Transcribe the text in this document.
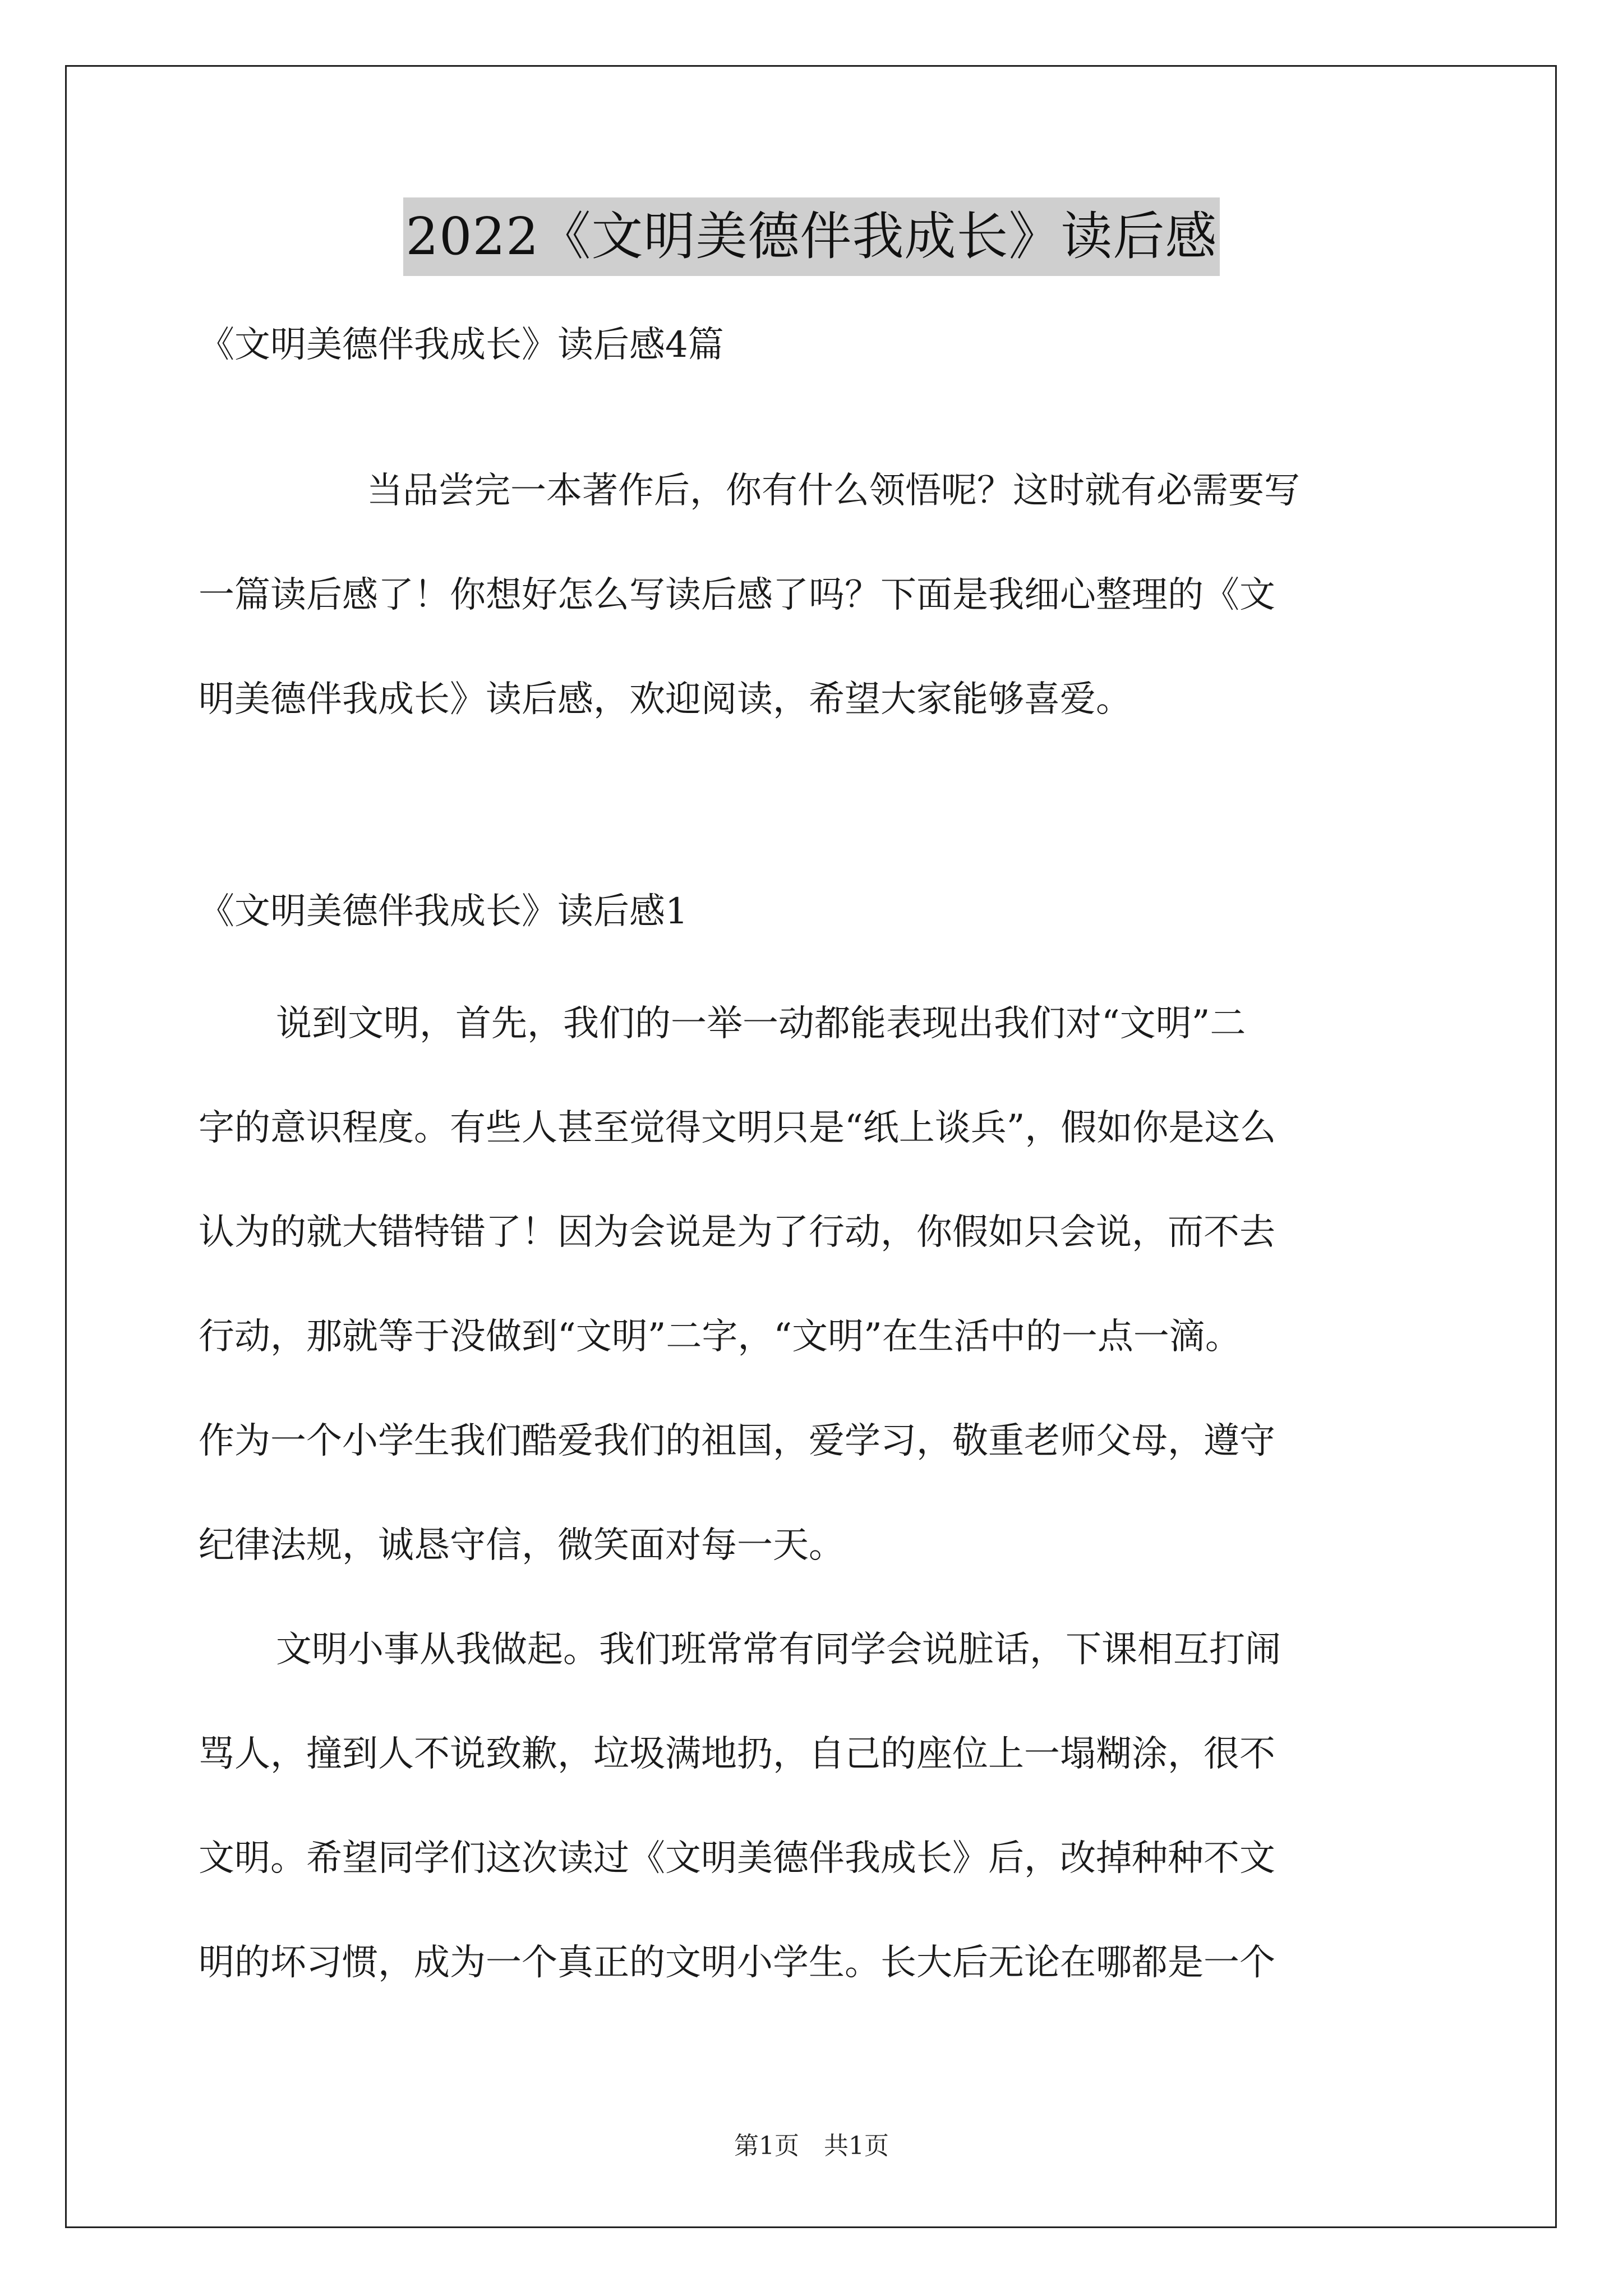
2022《文明美德伴我成长》读后感
《文明美德伴我成长》读后感4篇
当品尝完一本著作后，你有什么领悟呢？这时就有必需要写
一篇读后感了！你想好怎么写读后感了吗？下面是我细心整理的《文
明美德伴我成长》读后感，欢迎阅读，希望大家能够喜爱。
《文明美德伴我成长》读后感1
说到文明，首先，我们的一举一动都能表现出我们对“文明”二
字的意识程度。有些人甚至觉得文明只是“纸上谈兵”，假如你是这么
认为的就大错特错了！因为会说是为了行动，你假如只会说，而不去
行动，那就等于没做到“文明”二字，“文明”在生活中的一点一滴。
作为一个小学生我们酷爱我们的祖国，爱学习，敬重老师父母，遵守
纪律法规，诚恳守信，微笑面对每一天。
文明小事从我做起。我们班常常有同学会说脏话，下课相互打闹
骂人，撞到人不说致歉，垃圾满地扔，自己的座位上一塌糊涂，很不
文明。希望同学们这次读过《文明美德伴我成长》后，改掉种种不文
明的坏习惯，成为一个真正的文明小学生。长大后无论在哪都是一个
第1页　共1页
